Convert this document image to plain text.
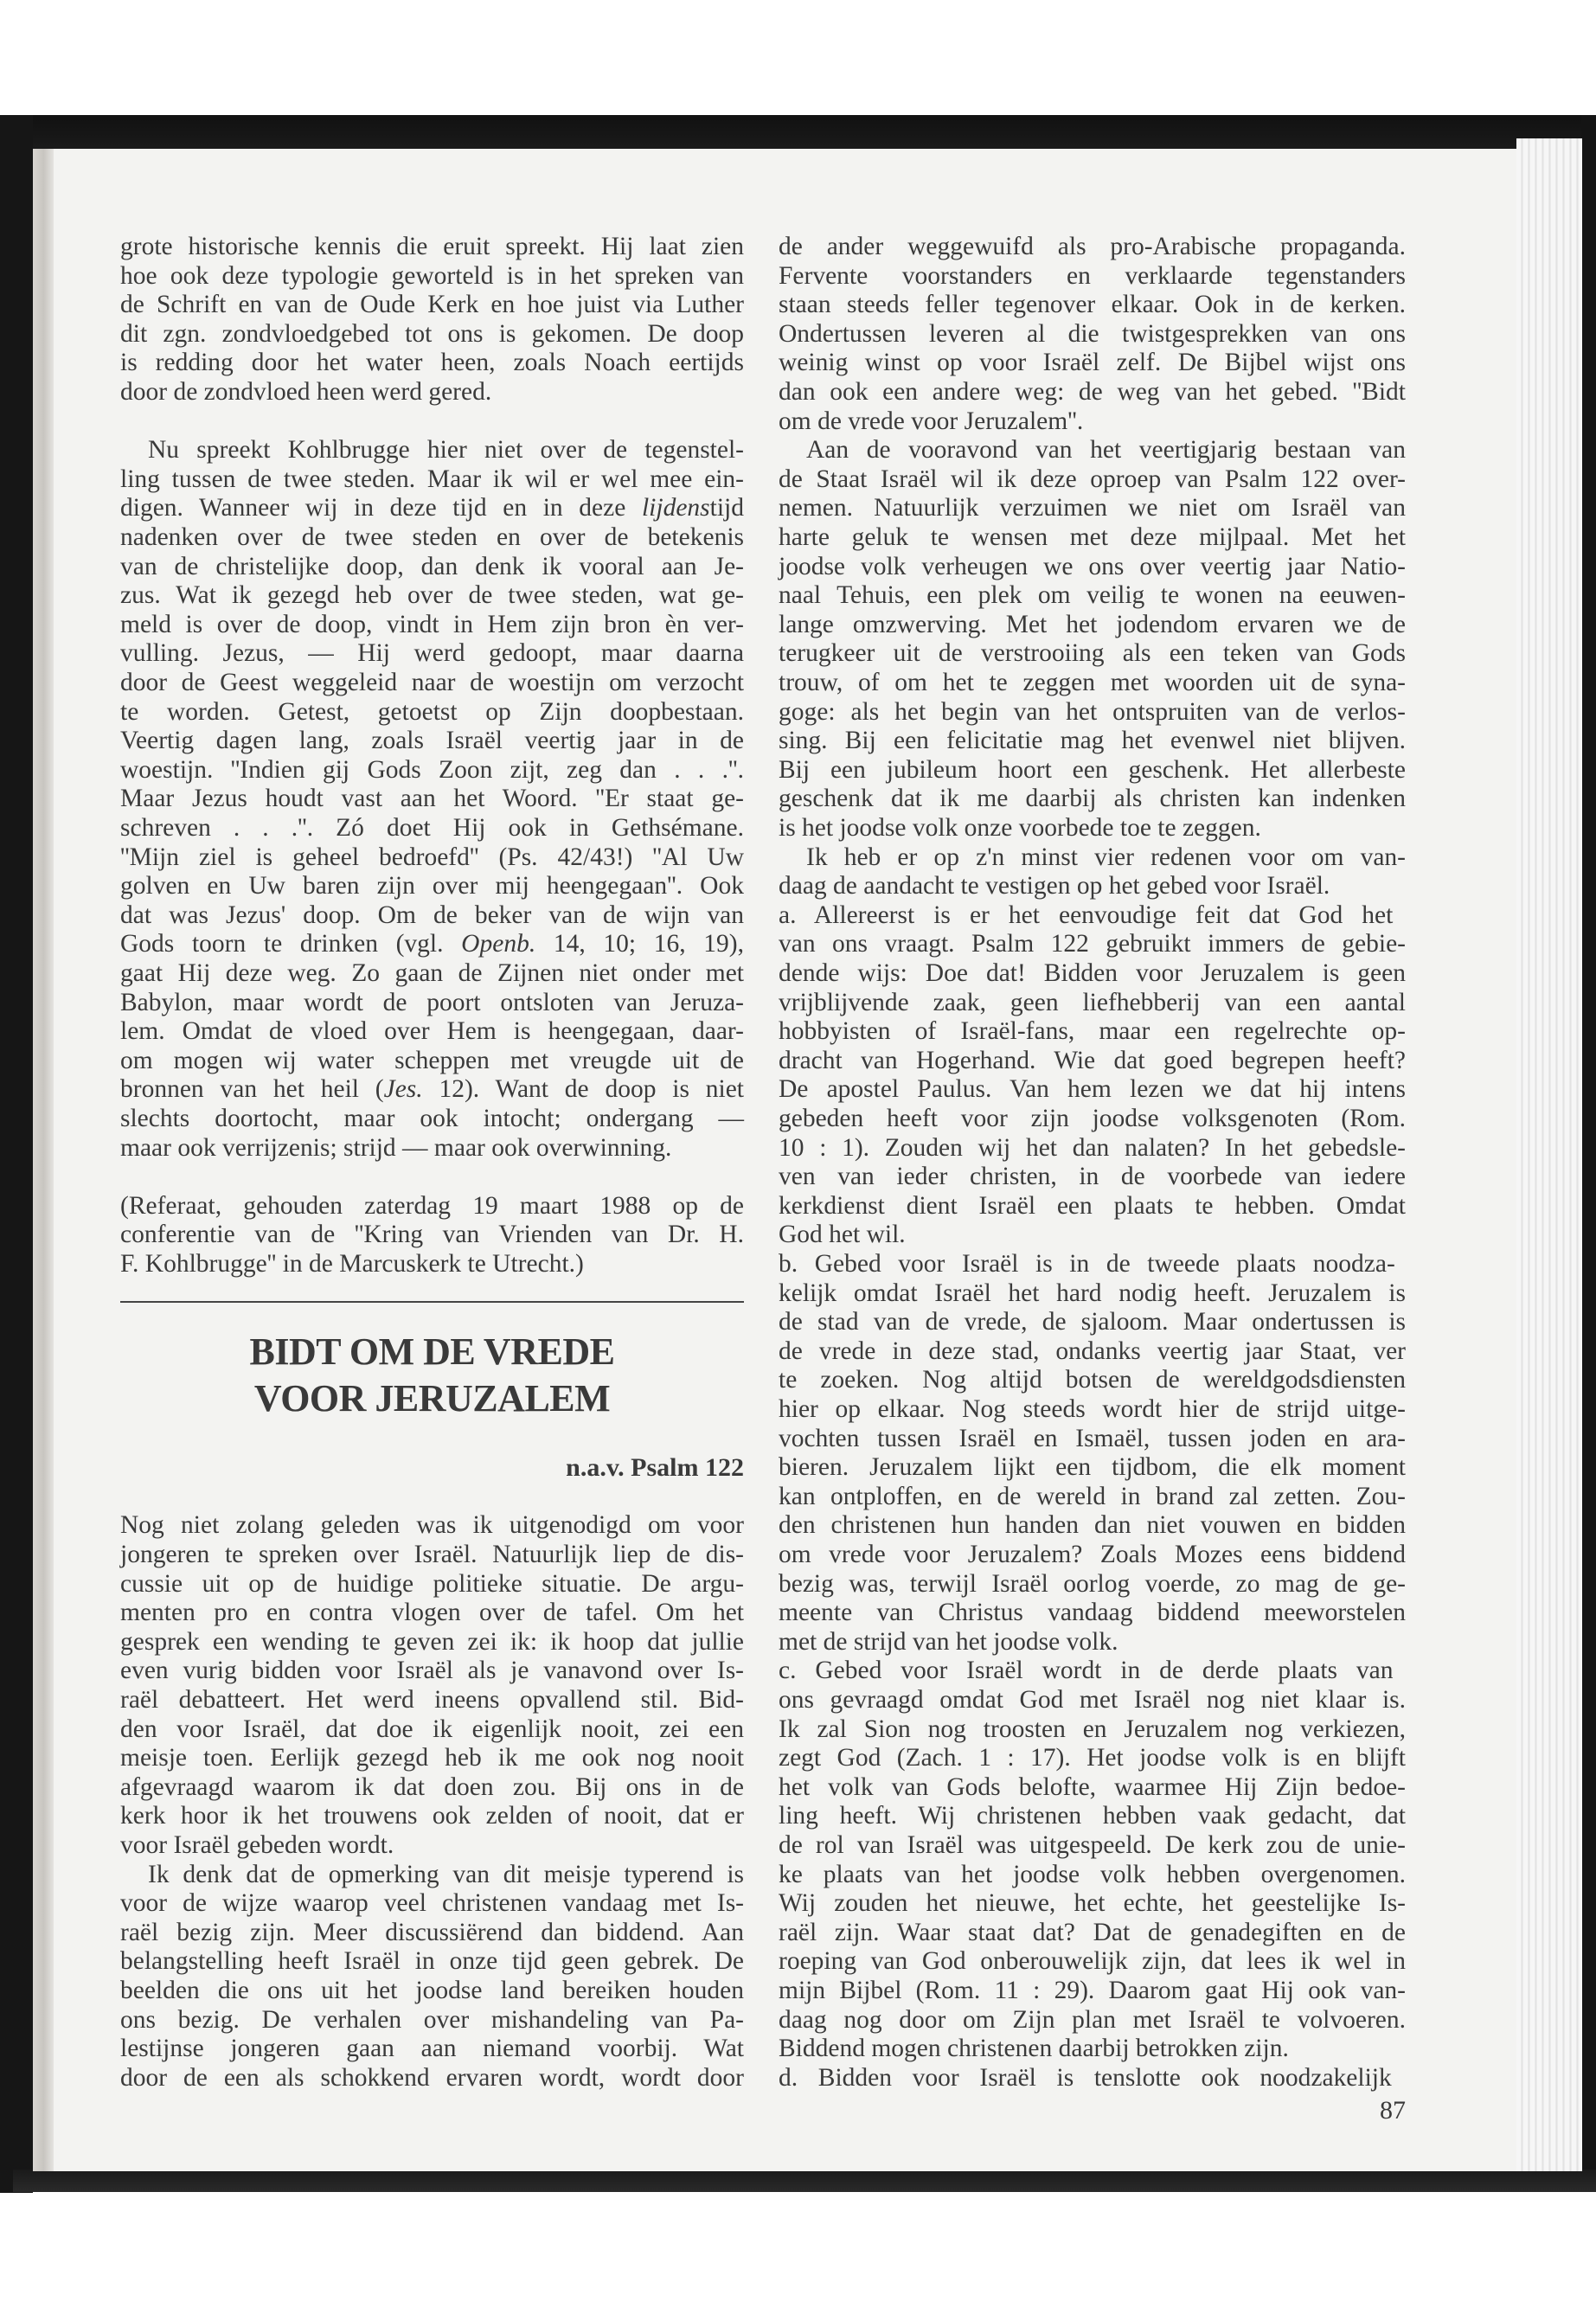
grote historische kennis die eruit spreekt. Hij laat zien
hoe ook deze typologie geworteld is in het spreken van
de Schrift en van de Oude Kerk en hoe juist via Luther
dit zgn. zondvloedgebed tot ons is gekomen. De doop
is redding door het water heen, zoals Noach eertijds
door de zondvloed heen werd gered.
Nu spreekt Kohlbrugge hier niet over de tegenstel-
ling tussen de twee steden. Maar ik wil er wel mee ein-
digen. Wanneer wij in deze tijd en in deze lijdenstijd
nadenken over de twee steden en over de betekenis
van de christelijke doop, dan denk ik vooral aan Je-
zus. Wat ik gezegd heb over de twee steden, wat ge-
meld is over de doop, vindt in Hem zijn bron èn ver-
vulling. Jezus, — Hij werd gedoopt, maar daarna
door de Geest weggeleid naar de woestijn om verzocht
te worden. Getest, getoetst op Zijn doopbestaan.
Veertig dagen lang, zoals Israël veertig jaar in de
woestijn. ''Indien gij Gods Zoon zijt, zeg dan . . .''.
Maar Jezus houdt vast aan het Woord. ''Er staat ge-
schreven . . .''. Zó doet Hij ook in Gethsémane.
''Mijn ziel is geheel bedroefd'' (Ps. 42/43!) ''Al Uw
golven en Uw baren zijn over mij heengegaan''. Ook
dat was Jezus' doop. Om de beker van de wijn van
Gods toorn te drinken (vgl. Openb. 14, 10; 16, 19),
gaat Hij deze weg. Zo gaan de Zijnen niet onder met
Babylon, maar wordt de poort ontsloten van Jeruza-
lem. Omdat de vloed over Hem is heengegaan, daar-
om mogen wij water scheppen met vreugde uit de
bronnen van het heil (Jes. 12). Want de doop is niet
slechts doortocht, maar ook intocht; ondergang —
maar ook verrijzenis; strijd — maar ook overwinning.
(Referaat, gehouden zaterdag 19 maart 1988 op de
conferentie van de ''Kring van Vrienden van Dr. H.
F. Kohlbrugge'' in de Marcuskerk te Utrecht.)
Nog niet zolang geleden was ik uitgenodigd om voor
jongeren te spreken over Israël. Natuurlijk liep de dis-
cussie uit op de huidige politieke situatie. De argu-
menten pro en contra vlogen over de tafel. Om het
gesprek een wending te geven zei ik: ik hoop dat jullie
even vurig bidden voor Israël als je vanavond over Is-
raël debatteert. Het werd ineens opvallend stil. Bid-
den voor Israël, dat doe ik eigenlijk nooit, zei een
meisje toen. Eerlijk gezegd heb ik me ook nog nooit
afgevraagd waarom ik dat doen zou. Bij ons in de
kerk hoor ik het trouwens ook zelden of nooit, dat er
voor Israël gebeden wordt.
Ik denk dat de opmerking van dit meisje typerend is
voor de wijze waarop veel christenen vandaag met Is-
raël bezig zijn. Meer discussiërend dan biddend. Aan
belangstelling heeft Israël in onze tijd geen gebrek. De
beelden die ons uit het joodse land bereiken houden
ons bezig. De verhalen over mishandeling van Pa-
lestijnse jongeren gaan aan niemand voorbij. Wat
door de een als schokkend ervaren wordt, wordt door
de ander weggewuifd als pro-Arabische propaganda.
Fervente voorstanders en verklaarde tegenstanders
staan steeds feller tegenover elkaar. Ook in de kerken.
Ondertussen leveren al die twistgesprekken van ons
weinig winst op voor Israël zelf. De Bijbel wijst ons
dan ook een andere weg: de weg van het gebed. ''Bidt
om de vrede voor Jeruzalem''.
Aan de vooravond van het veertigjarig bestaan van
de Staat Israël wil ik deze oproep van Psalm 122 over-
nemen. Natuurlijk verzuimen we niet om Israël van
harte geluk te wensen met deze mijlpaal. Met het
joodse volk verheugen we ons over veertig jaar Natio-
naal Tehuis, een plek om veilig te wonen na eeuwen-
lange omzwerving. Met het jodendom ervaren we de
terugkeer uit de verstrooiing als een teken van Gods
trouw, of om het te zeggen met woorden uit de syna-
goge: als het begin van het ontspruiten van de verlos-
sing. Bij een felicitatie mag het evenwel niet blijven.
Bij een jubileum hoort een geschenk. Het allerbeste
geschenk dat ik me daarbij als christen kan indenken
is het joodse volk onze voorbede toe te zeggen.
Ik heb er op z'n minst vier redenen voor om van-
daag de aandacht te vestigen op het gebed voor Israël.
a. Allereerst is er het eenvoudige feit dat God het
van ons vraagt. Psalm 122 gebruikt immers de gebie-
dende wijs: Doe dat! Bidden voor Jeruzalem is geen
vrijblijvende zaak, geen liefhebberij van een aantal
hobbyisten of Israël-fans, maar een regelrechte op-
dracht van Hogerhand. Wie dat goed begrepen heeft?
De apostel Paulus. Van hem lezen we dat hij intens
gebeden heeft voor zijn joodse volksgenoten (Rom.
10 : 1). Zouden wij het dan nalaten? In het gebedsle-
ven van ieder christen, in de voorbede van iedere
kerkdienst dient Israël een plaats te hebben. Omdat
God het wil.
b. Gebed voor Israël is in de tweede plaats noodza-
kelijk omdat Israël het hard nodig heeft. Jeruzalem is
de stad van de vrede, de sjaloom. Maar ondertussen is
de vrede in deze stad, ondanks veertig jaar Staat, ver
te zoeken. Nog altijd botsen de wereldgodsdiensten
hier op elkaar. Nog steeds wordt hier de strijd uitge-
vochten tussen Israël en Ismaël, tussen joden en ara-
bieren. Jeruzalem lijkt een tijdbom, die elk moment
kan ontploffen, en de wereld in brand zal zetten. Zou-
den christenen hun handen dan niet vouwen en bidden
om vrede voor Jeruzalem? Zoals Mozes eens biddend
bezig was, terwijl Israël oorlog voerde, zo mag de ge-
meente van Christus vandaag biddend meeworstelen
met de strijd van het joodse volk.
c. Gebed voor Israël wordt in de derde plaats van
ons gevraagd omdat God met Israël nog niet klaar is.
Ik zal Sion nog troosten en Jeruzalem nog verkiezen,
zegt God (Zach. 1 : 17). Het joodse volk is en blijft
het volk van Gods belofte, waarmee Hij Zijn bedoe-
ling heeft. Wij christenen hebben vaak gedacht, dat
de rol van Israël was uitgespeeld. De kerk zou de unie-
ke plaats van het joodse volk hebben overgenomen.
Wij zouden het nieuwe, het echte, het geestelijke Is-
raël zijn. Waar staat dat? Dat de genadegiften en de
roeping van God onberouwelijk zijn, dat lees ik wel in
mijn Bijbel (Rom. 11 : 29). Daarom gaat Hij ook van-
daag nog door om Zijn plan met Israël te volvoeren.
Biddend mogen christenen daarbij betrokken zijn.
d. Bidden voor Israël is tenslotte ook noodzakelijk
BIDT OM DE VREDE
VOOR JERUZALEM
n.a.v. Psalm 122
87
